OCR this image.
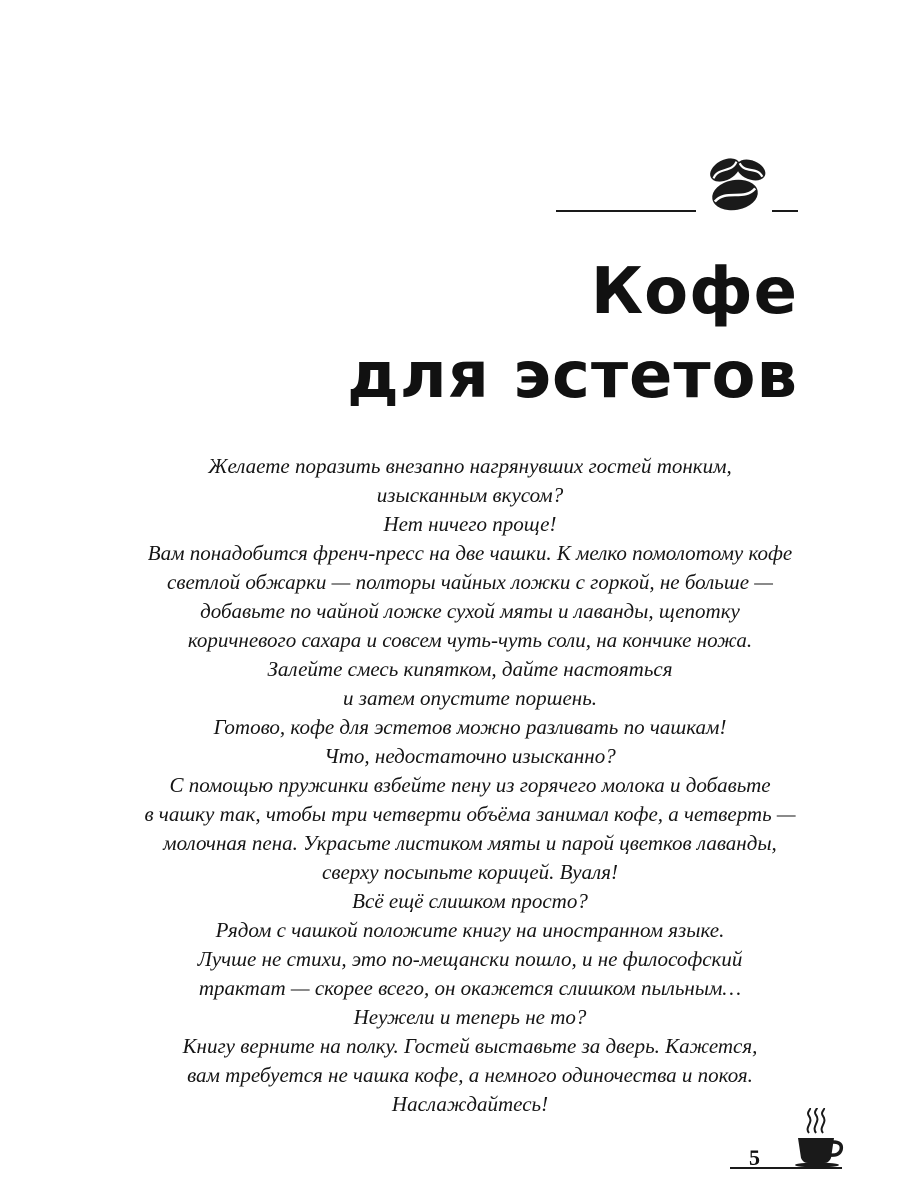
Кофе
для эстетов
Желаете поразить внезапно нагрянувших гостей тонким,
изысканным вкусом?
Нет ничего проще!
Вам понадобится френч-пресс на две чашки. К мелко помолотому кофе
светлой обжарки — полторы чайных ложки с горкой, не больше —
добавьте по чайной ложке сухой мяты и лаванды, щепотку
коричневого сахара и совсем чуть-чуть соли, на кончике ножа.
Залейте смесь кипятком, дайте настояться
и затем опустите поршень.
Готово, кофе для эстетов можно разливать по чашкам!
Что, недостаточно изысканно?
С помощью пружинки взбейте пену из горячего молока и добавьте
в чашку так, чтобы три четверти объёма занимал кофе, а четверть —
молочная пена. Украсьте листиком мяты и парой цветков лаванды,
сверху посыпьте корицей. Вуаля!
Всё ещё слишком просто?
Рядом с чашкой положите книгу на иностранном языке.
Лучше не стихи, это по-мещански пошло, и не философский
трактат — скорее всего, он окажется слишком пыльным…
Неужели и теперь не то?
Книгу верните на полку. Гостей выставьте за дверь. Кажется,
вам требуется не чашка кофе, а немного одиночества и покоя.
Наслаждайтесь!
5
